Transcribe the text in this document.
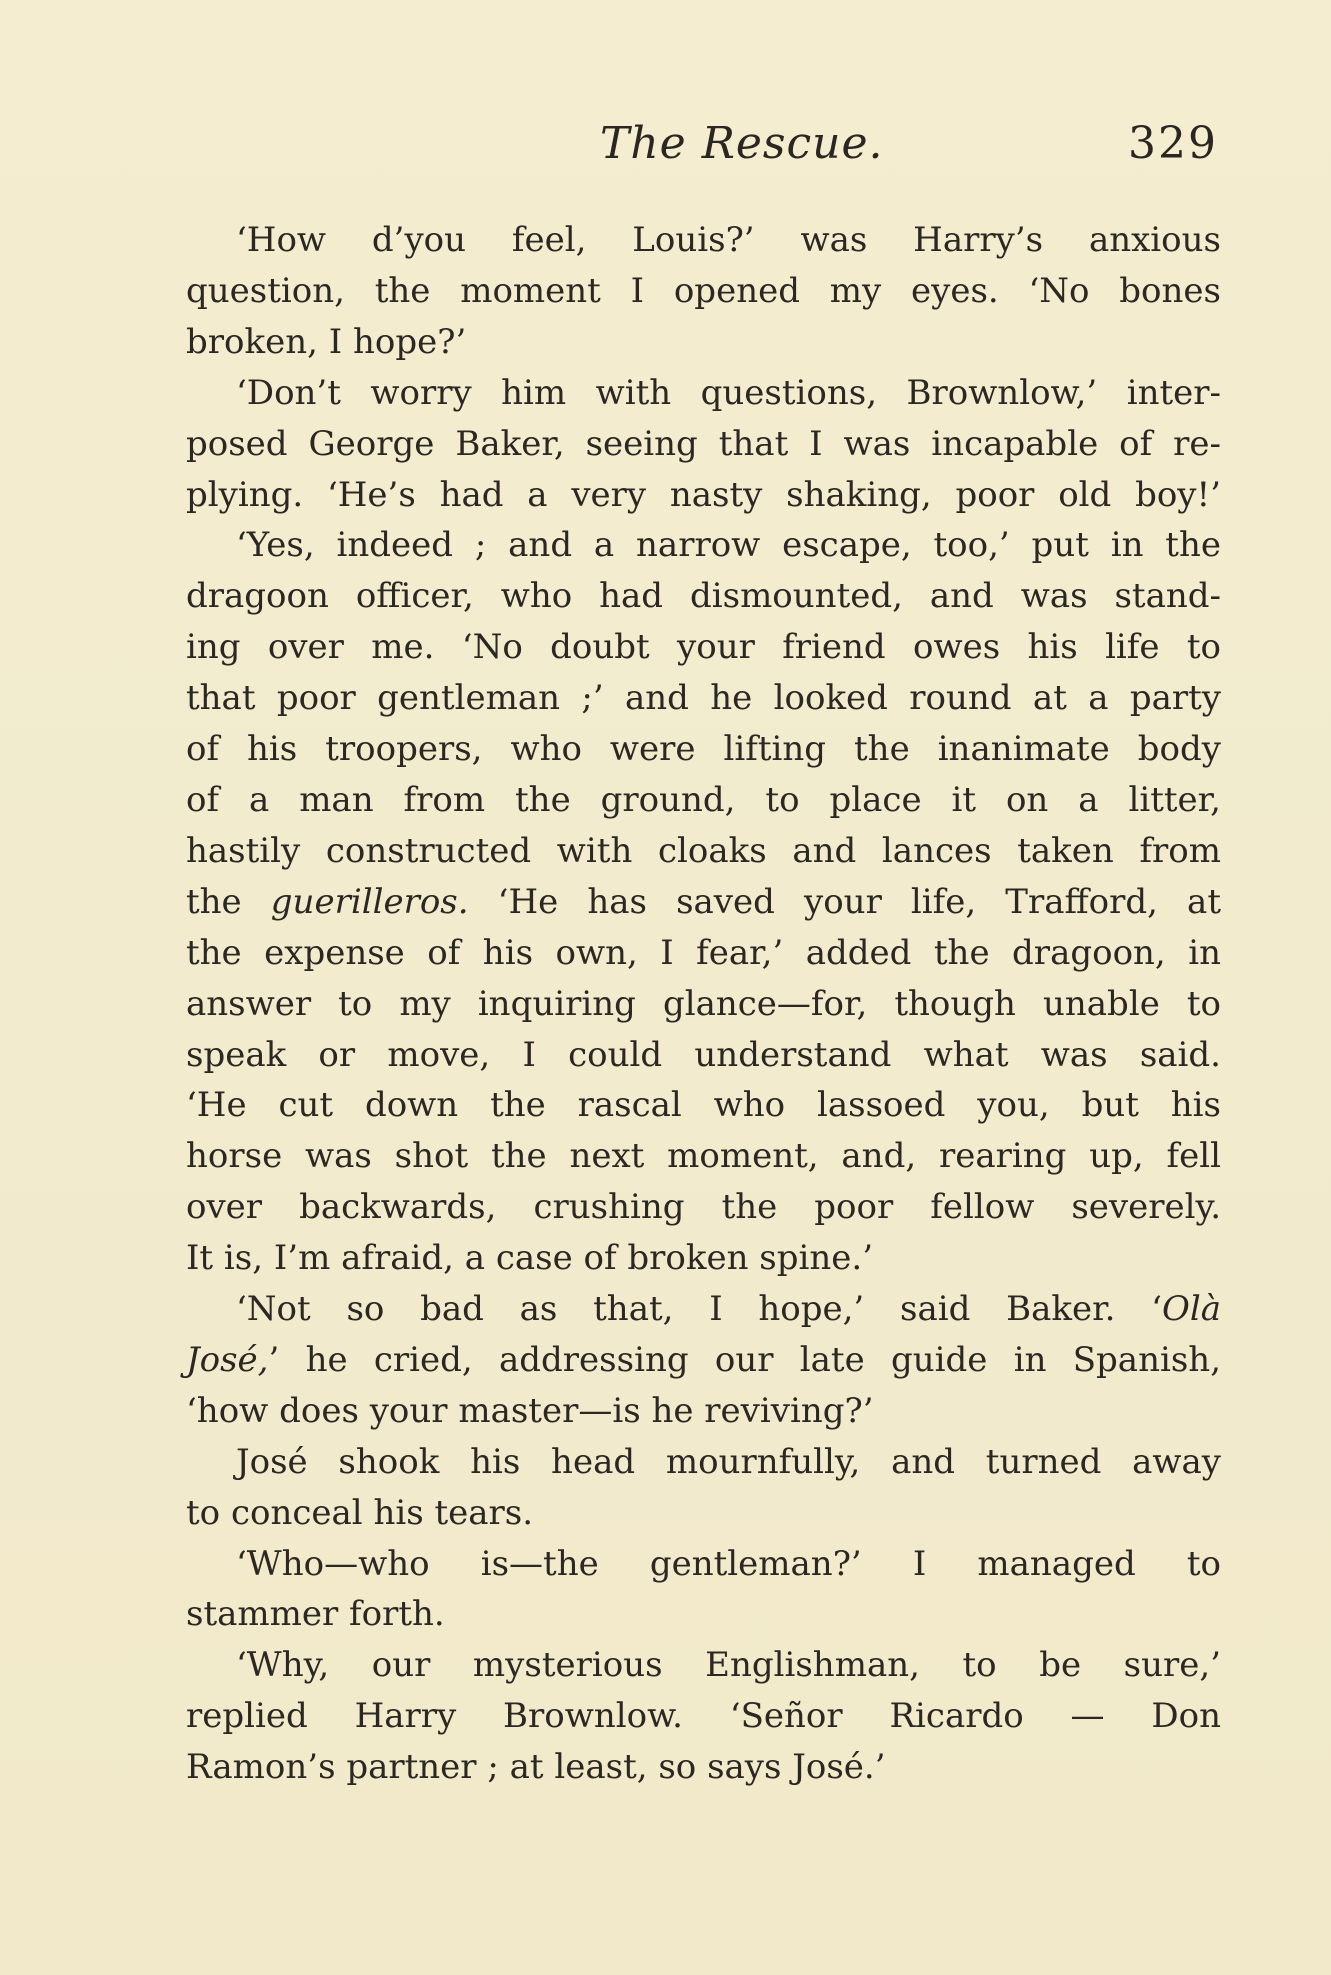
The Rescue.	329

‘How d’you feel, Louis?’ was Harry’s anxious
question, the moment I opened my eyes. ‘No bones
broken, I hope?’

‘Don’t worry him with questions, Brownlow,’ inter-
posed George Baker, seeing that I was incapable of re-
plying. ‘He’s had a very nasty shaking, poor old boy!’

‘Yes, indeed ; and a narrow escape, too,’ put in the
dragoon officer, who had dismounted, and was stand-
ing over me. ‘No doubt your friend owes his life to
that poor gentleman ;’ and he looked round at a party
of his troopers, who were lifting the inanimate body
of a man from the ground, to place it on a litter,
hastily constructed with cloaks and lances taken from
the guerilleros. ‘He has saved your life, Trafford, at
the expense of his own, I fear,’ added the dragoon, in
answer to my inquiring glance—for, though unable to
speak or move, I could understand what was said.
‘He cut down the rascal who lassoed you, but his
horse was shot the next moment, and, rearing up, fell
over backwards, crushing the poor fellow severely.
It is, I’m afraid, a case of broken spine.’

‘Not so bad as that, I hope,’ said Baker. ‘Olà
José,’ he cried, addressing our late guide in Spanish,
‘how does your master—is he reviving?’

José shook his head mournfully, and turned away
to conceal his tears.

‘Who—who is—the gentleman?’ I managed to
stammer forth.

‘Why, our mysterious Englishman, to be sure,’
replied Harry Brownlow. ‘Señor Ricardo — Don
Ramon’s partner ; at least, so says José.’
